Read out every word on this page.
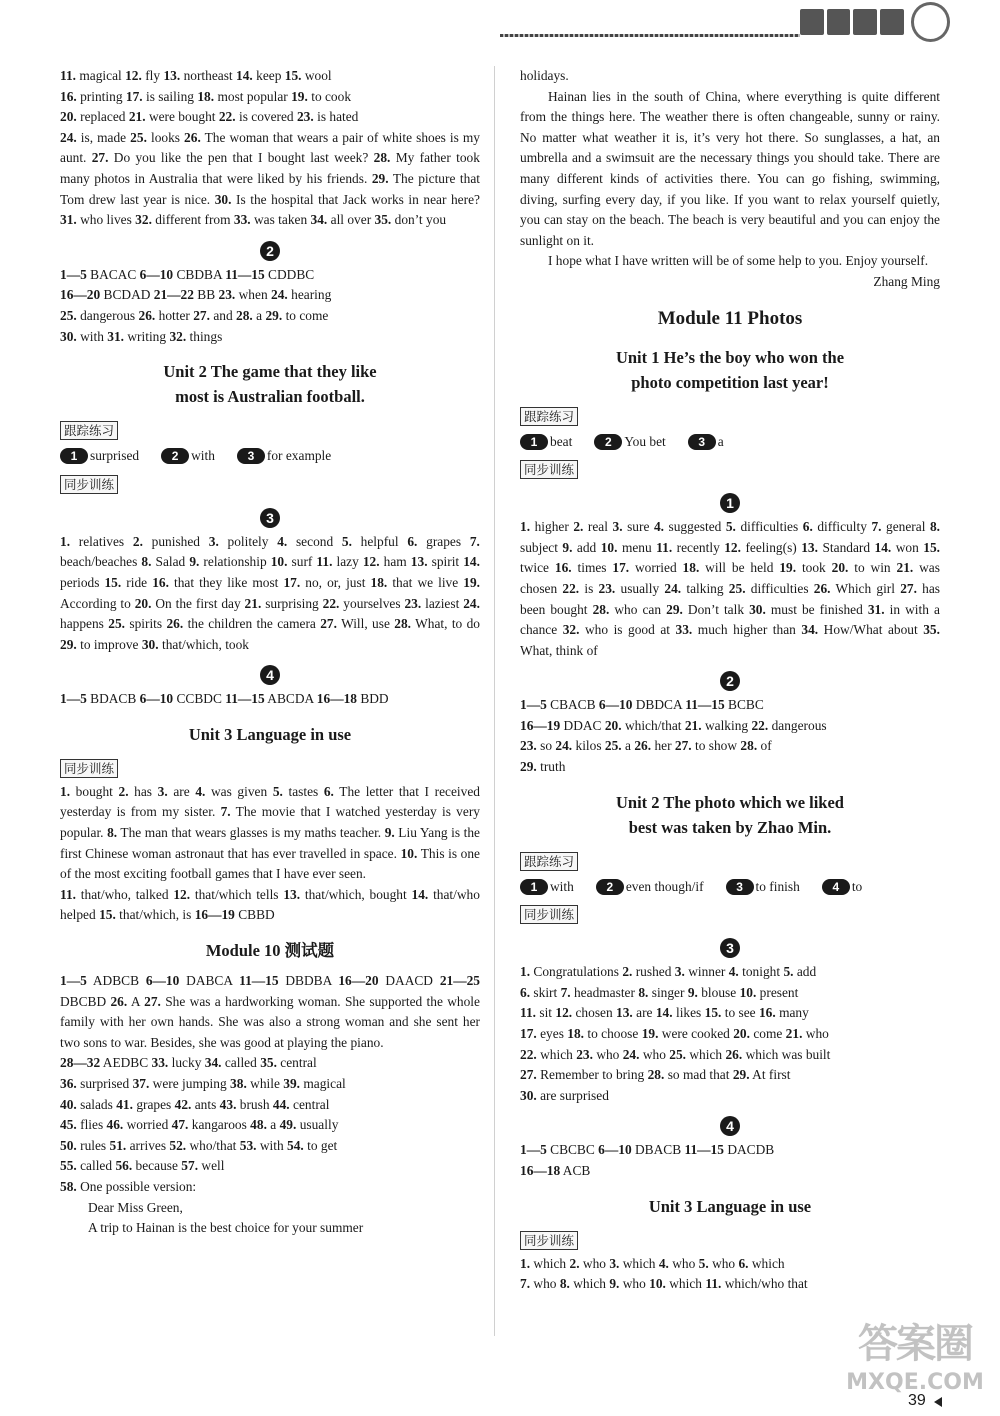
11. magical 12. fly 13. northeast 14. keep 15. wool

16. printing 17. is sailing 18. most popular 19. to cook

20. replaced 21. were bought 22. is covered 23. is hated

24. is, made 25. looks 26. The woman that wears a pair of white shoes is my aunt. 27. Do you like the pen that I bought last week? 28. My father took many photos in Australia that were liked by his friends. 29. The picture that Tom drew last year is nice. 30. Is the hospital that Jack works in near here? 31. who lives 32. different from 33. was taken 34. all over 35. don’t you

2

1—5 BACAC 6—10 CBDBA 11—15 CDDBC

16—20 BCDAD 21—22 BB 23. when 24. hearing

25. dangerous 26. hotter 27. and 28. a 29. to come

30. with 31. writing 32. things

Unit 2 The game that they like
most is Australian football.
跟踪练习
1 surprised	2 with	3 for example
同步训练
3

1. relatives 2. punished 3. politely 4. second 5. helpful 6. grapes 7. beach/beaches 8. Salad 9. relationship 10. surf 11. lazy 12. ham 13. spirit 14. periods 15. ride 16. that they like most 17. no, or, just 18. that we live 19. According to 20. On the first day 21. surprising 22. yourselves 23. laziest 24. happens 25. spirits 26. the children the camera 27. Will, use 28. What, to do 29. to improve 30. that/which, took

4

1—5 BDACB 6—10 CCBDC 11—15 ABCDA 16—18 BDD

Unit 3 Language in use
同步训练

1. bought 2. has 3. are 4. was given 5. tastes 6. The letter that I received yesterday is from my sister. 7. The movie that I watched yesterday is very popular. 8. The man that wears glasses is my maths teacher. 9. Liu Yang is the first Chinese woman astronaut that has ever travelled in space. 10. This is one of the most exciting football games that I have ever seen.

11. that/who, talked 12. that/which tells 13. that/which, bought 14. that/who helped 15. that/which, is 16—19 CBBD

Module 10 测试题

1—5 ADBCB 6—10 DABCA 11—15 DBDBA 16—20 DAACD 21—25 DBCBD 26. A 27. She was a hardworking woman. She supported the whole family with her own hands. She was also a strong woman and she sent her two sons to war. Besides, she was good at playing the piano.

28—32 AEDBC 33. lucky 34. called 35. central

36. surprised 37. were jumping 38. while 39. magical

40. salads 41. grapes 42. ants 43. brush 44. central

45. flies 46. worried 47. kangaroos 48. a 49. usually

50. rules 51. arrives 52. who/that 53. with 54. to get

55. called 56. because 57. well

58. One possible version:

Dear Miss Green,

A trip to Hainan is the best choice for your summer

holidays.

Hainan lies in the south of China, where everything is quite different from the things here. The weather there is often changeable, sunny or rainy. No matter what weather it is, it’s very hot there. So sunglasses, a hat, an umbrella and a swimsuit are the necessary things you should take. There are many different kinds of activities there. You can go fishing, swimming, diving, surfing every day, if you like. If you want to relax yourself quietly, you can stay on the beach. The beach is very beautiful and you can enjoy the sunlight on it.

I hope what I have written will be of some help to you. Enjoy yourself.

Zhang Ming

Module 11 Photos
Unit 1 He’s the boy who won the
photo competition last year!
跟踪练习
1 beat	2 You bet	3 a
同步训练
1

1. higher 2. real 3. sure 4. suggested 5. difficulties 6. difficulty 7. general 8. subject 9. add 10. menu 11. recently 12. feeling(s) 13. Standard 14. won 15. twice 16. times 17. worried 18. will be held 19. took 20. to win 21. was chosen 22. is 23. usually 24. talking 25. difficulties 26. Which girl 27. has been bought 28. who can 29. Don’t talk 30. must be finished 31. in with a chance 32. who is good at 33. much higher than 34. How/What about 35. What, think of

2

1—5 CBACB 6—10 DBDCA 11—15 BCBC

16—19 DDAC 20. which/that 21. walking 22. dangerous

23. so 24. kilos 25. a 26. her 27. to show 28. of

29. truth

Unit 2 The photo which we liked
best was taken by Zhao Min.
跟踪练习
1 with	2 even though/if	3 to finish	4 to
同步训练
3

1. Congratulations 2. rushed 3. winner 4. tonight 5. add

6. skirt 7. headmaster 8. singer 9. blouse 10. present

11. sit 12. chosen 13. are 14. likes 15. to see 16. many

17. eyes 18. to choose 19. were cooked 20. come 21. who

22. which 23. who 24. who 25. which 26. which was built

27. Remember to bring 28. so mad that 29. At first

30. are surprised

4

1—5 CBCBC 6—10 DBACB 11—15 DACDB

16—18 ACB

Unit 3 Language in use
同步训练

1. which 2. who 3. which 4. who 5. who 6. which

7. who 8. which 9. who 10. which 11. which/who that

39
答案圈
MXQE.COM
